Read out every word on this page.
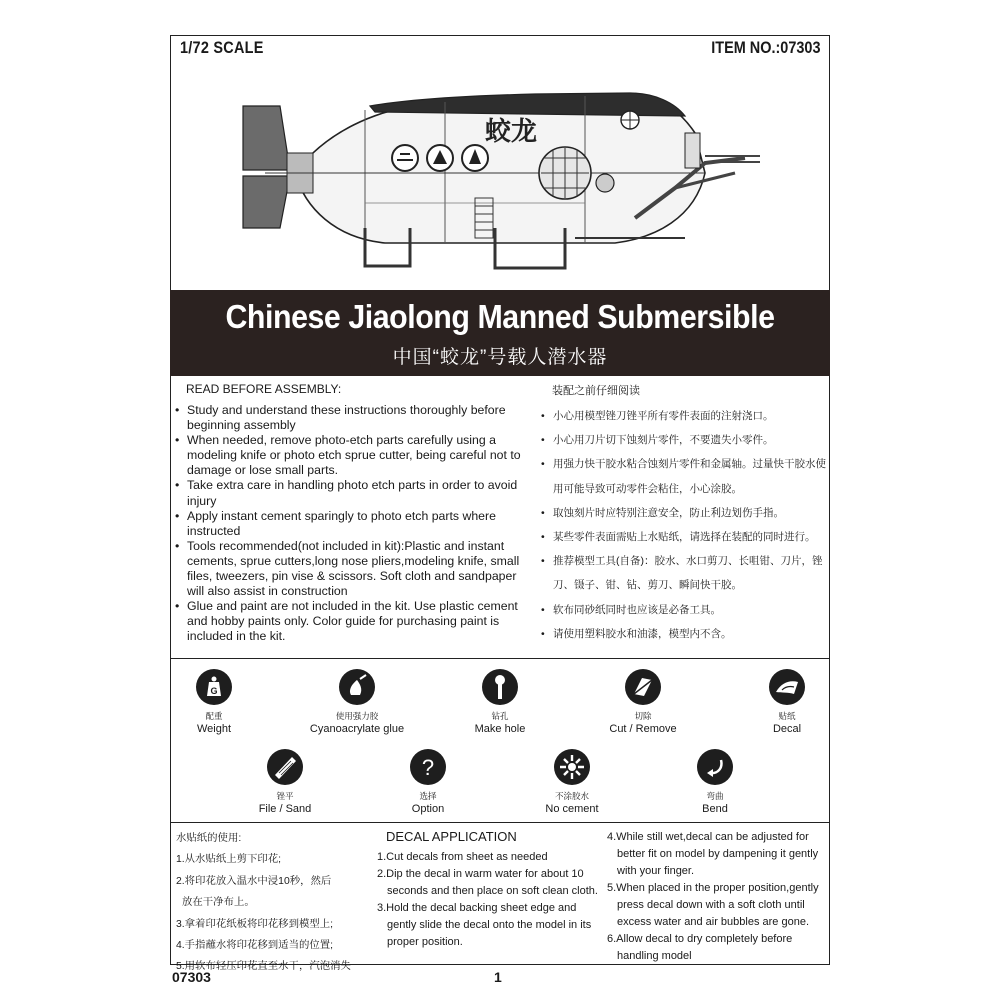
1/72 SCALE	ITEM NO.:07303
蛟龙
Chinese Jiaolong Manned Submersible
中国“蛟龙”号载人潜水器
READ BEFORE ASSEMBLY:
• Study and understand these instructions thoroughly before beginning assembly
• When needed, remove photo-etch parts carefully using a modeling knife or photo etch sprue cutter, being careful not to damage or lose small parts.
• Take extra care in handling photo etch parts in order to avoid injury
• Apply instant cement sparingly to photo etch parts where instructed
• Tools recommended(not included in kit):Plastic and instant cements, sprue cutters,long nose pliers,modeling knife, small files, tweezers, pin vise & scissors. Soft cloth and sandpaper will also assist in construction
• Glue and paint are not included in the kit. Use plastic cement and hobby paints only. Color guide for purchasing paint is included in the kit.
装配之前仔细阅读
• 小心用模型锉刀锉平所有零件表面的注射浇口。
• 小心用刀片切下蚀刻片零件，不要遗失小零件。
• 用强力快干胶水粘合蚀刻片零件和金属轴。过量快干胶水使用可能导致可动零件会粘住，小心涂胶。
• 取蚀刻片时应特别注意安全，防止利边划伤手指。
• 某些零件表面需贴上水贴纸，请选择在装配的同时进行。
• 推荐模型工具(自备)：胶水、水口剪刀、长咀钳、刀片，锉刀、镊子、钳、钻、剪刀、瞬间快干胶。
• 软布同砂纸同时也应该是必备工具。
• 请使用塑料胶水和油漆，模型内不含。
G
配重
Weight
使用强力胶
Cyanoacrylate glue
钻孔
Make hole
切除
Cut / Remove
贴纸
Decal
锉平
File / Sand
?
选择
Option
不涂胶水
No cement
弯曲
Bend
水贴纸的使用:
1.从水贴纸上剪下印花;
2.将印花放入温水中浸10秒，然后
放在干净布上。
3.拿着印花纸板将印花移到模型上;
4.手指蘸水将印花移到适当的位置;
5.用软布轻压印花直至水干，汽泡消失
DECAL APPLICATION
1.Cut decals from sheet as needed
2.Dip the decal in warm water for about 10 seconds and then place on soft clean cloth.
3.Hold the decal backing sheet edge and gently slide the decal onto the model in its proper position.
4.While still wet,decal can be adjusted for better fit on model by dampening it gently with your finger.
5.When placed in the proper position,gently press decal down with a soft cloth until excess water and air bubbles are gone.
6.Allow decal to dry completely before handling model
07303	1
